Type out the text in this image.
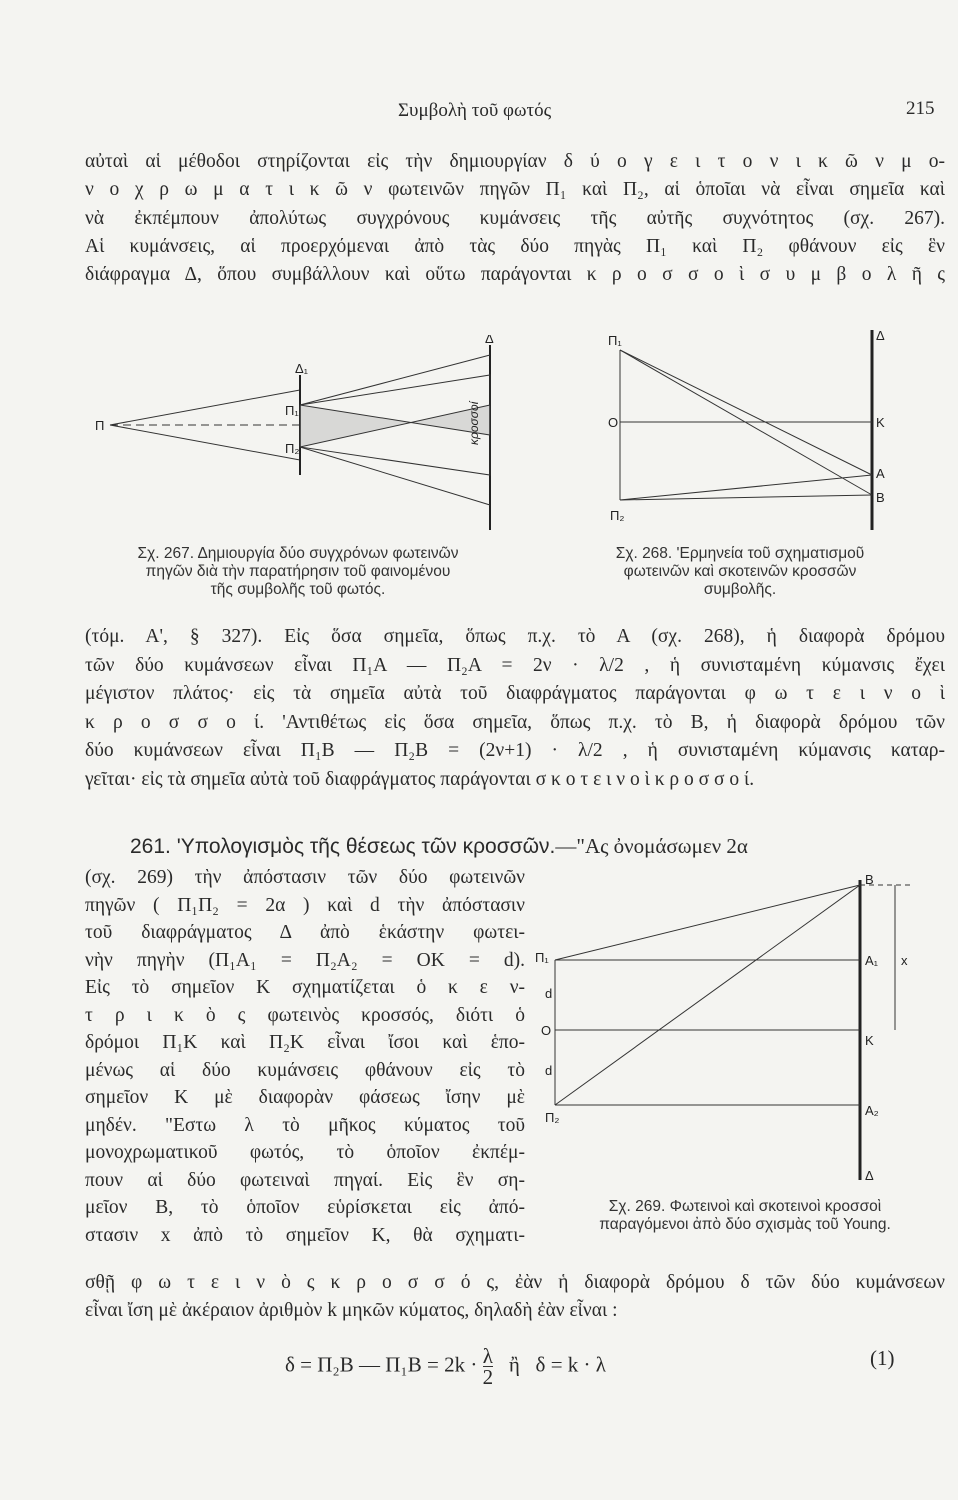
Συμβολὴ τοῦ φωτός	215
αὐταὶ αἱ μέθοδοι στηρίζονται εἰς τὴν δημιουργίαν δ ύ ο γ ε ι τ ο ν ι κ ῶ ν μ ο-
ν ο χ ρ ω μ α τ ι κ ῶ ν φωτεινῶν πηγῶν Π₁ καὶ Π₂, αἱ ὁποῖαι νὰ εἶναι σημεῖα καὶ
νὰ ἐκπέμπουν ἀπολύτως συγχρόνους κυμάνσεις τῆς αὐτῆς συχνότητος (σχ. 267).
Αἱ κυμάνσεις, αἱ προερχόμεναι ἀπὸ τὰς δύο πηγὰς Π₁ καὶ Π₂ φθάνουν εἰς ἓν
διάφραγμα Δ, ὅπου συμβάλλουν καὶ οὕτω παράγονται κ ρ ο σ σ ο ὶ σ υ μ β ο λ ῆ ς
(τόμ. Α', § 327). Εἰς ὅσα σημεῖα, ὅπως π.χ. τὸ Α (σχ. 268), ἡ διαφορὰ δρόμου
τῶν δύο κυμάνσεων εἶναι Π₁Α — Π₂Α = 2ν · λ/2 , ἡ συνισταμένη κύμανσις ἔχει
μέγιστον πλάτος· εἰς τὰ σημεῖα αὐτὰ τοῦ διαφράγματος παράγονται φ ω τ ε ι ν ο ὶ
κ ρ ο σ σ ο ί. 'Αντιθέτως εἰς ὅσα σημεῖα, ὅπως π.χ. τὸ Β, ἡ διαφορὰ δρόμου τῶν
δύο κυμάνσεων εἶναι Π₁Β — Π₂Β = (2ν+1) · λ/2 , ἡ συνισταμένη κύμανσις καταρ-
γεῖται· εἰς τὰ σημεῖα αὐτὰ τοῦ διαφράγματος παράγονται σ κ ο τ ε ι ν ο ὶ κ ρ ο σ σ ο ί.
(σχ. 269) τὴν ἀπόστασιν τῶν δύο φωτεινῶν
πηγῶν ( Π₁Π₂ = 2α ) καὶ d τὴν ἀπόστασιν
τοῦ διαφράγματος Δ ἀπὸ ἑκάστην φωτει-
νὴν πηγὴν (Π₁Α₁ = Π₂Α₂ = ΟΚ = d).
Εἰς τὸ σημεῖον Κ σχηματίζεται ὁ κ ε ν-
τ ρ ι κ ὸ ς φωτεινὸς κροσσός, διότι ὁ
δρόμοι Π₁Κ καὶ Π₂Κ εἶναι ἴσοι καὶ ἑπο-
μένως αἱ δύο κυμάνσεις φθάνουν εἰς τὸ
σημεῖον Κ μὲ διαφορὰν φάσεως ἴσην μὲ
μηδέν. "Εστω λ τὸ μῆκος κύματος τοῦ
μονοχρωματικοῦ φωτός, τὸ ὁποῖον ἐκπέμ-
πουν αἱ δύο φωτειναὶ πηγαί. Εἰς ἓν ση-
μεῖον Β, τὸ ὁποῖον εὑρίσκεται εἰς ἀπό-
στασιν x ἀπὸ τὸ σημεῖον Κ, θὰ σχηματι-
σθῇ φ ω τ ε ι ν ὸ ς κ ρ ο σ σ ό ς, ἐὰν ἡ διαφορὰ δρόμου δ τῶν δύο κυμάνσεων
εἶναι ἴση μὲ ἀκέραιον ἀριθμὸν k μηκῶν κύματος, δηλαδὴ ἐὰν εἶναι :
Π
Π₁
Π₂
Δ
Δ₁
κροσσοί
Σχ. 267. Δημιουργία δύο συγχρόνων φωτεινῶν
πηγῶν διὰ τὴν παρατήρησιν τοῦ φαινομένου
τῆς συμβολῆς τοῦ φωτός.
Π₁
Π₂
Δ
O	K
A
B
Σχ. 268. 'Ερμηνεία τοῦ σχηματισμοῦ
φωτεινῶν καὶ σκοτεινῶν κροσσῶν
συμβολῆς.
261. 'Υπολογισμὸς τῆς θέσεως τῶν κροσσῶν.—"Ας ὀνομάσωμεν 2α
Π₁
Π₂
O
d
d
B
A₁
K
A₂
x
Δ
Σχ. 269. Φωτεινοὶ καὶ σκοτεινοὶ κροσσοὶ
παραγόμενοι ἀπὸ δύο σχισμὰς τοῦ Young.
δ = Π₂Β — $\Pi_1B = 2k \cdot \frac{\lambda}{2}$ ἢ   δ = k · λ	(1)
